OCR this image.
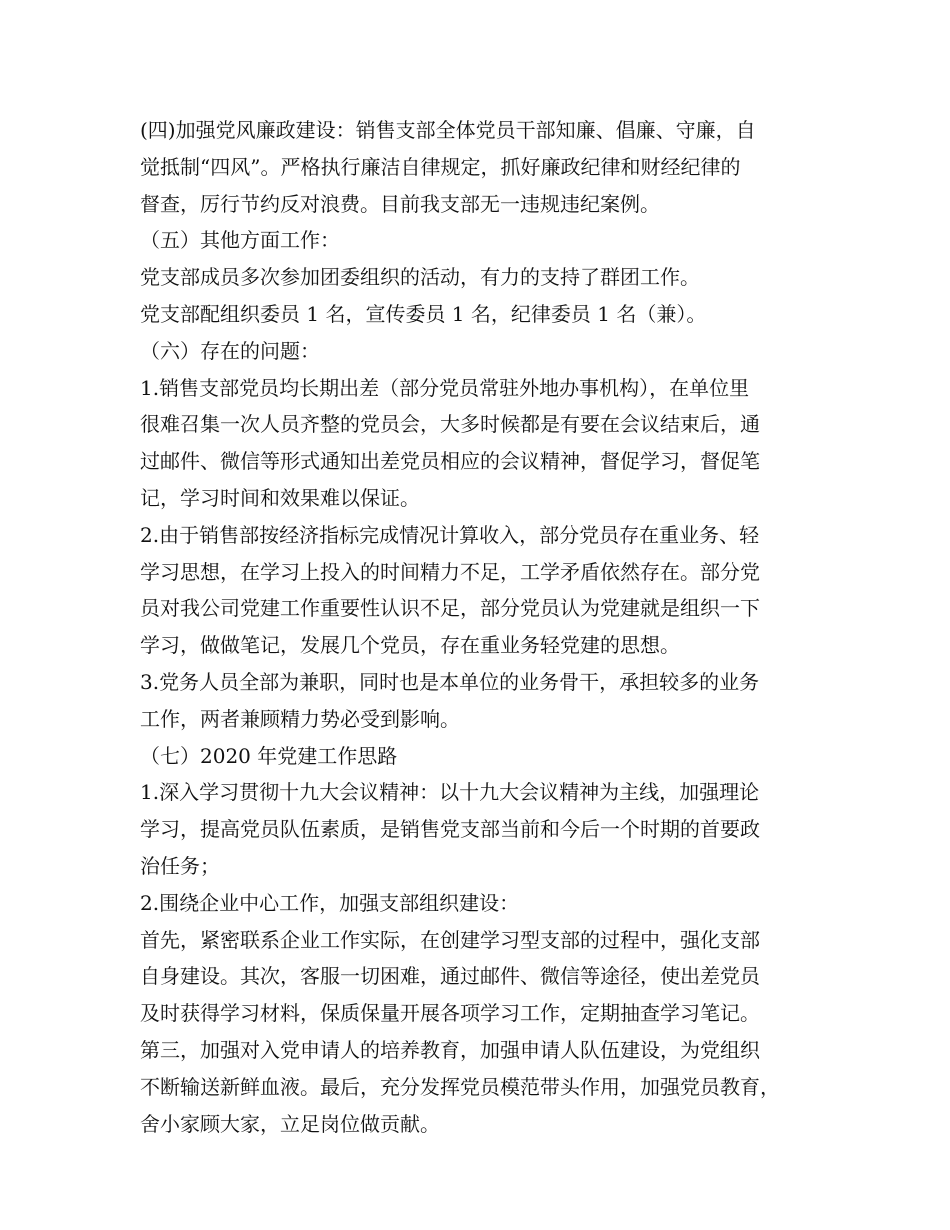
(四)加强党风廉政建设：销售支部全体党员干部知廉、倡廉、守廉，自
觉抵制“四风”。严格执行廉洁自律规定，抓好廉政纪律和财经纪律的
督查，厉行节约反对浪费。目前我支部无一违规违纪案例。
（五）其他方面工作：
党支部成员多次参加团委组织的活动，有力的支持了群团工作。
党支部配组织委员 1 名，宣传委员 1 名，纪律委员 1 名（兼）。
（六）存在的问题：
1.销售支部党员均长期出差（部分党员常驻外地办事机构），在单位里
很难召集一次人员齐整的党员会，大多时候都是有要在会议结束后，通
过邮件、微信等形式通知出差党员相应的会议精神，督促学习，督促笔
记，学习时间和效果难以保证。
2.由于销售部按经济指标完成情况计算收入，部分党员存在重业务、轻
学习思想，在学习上投入的时间精力不足，工学矛盾依然存在。部分党
员对我公司党建工作重要性认识不足，部分党员认为党建就是组织一下
学习，做做笔记，发展几个党员，存在重业务轻党建的思想。
3.党务人员全部为兼职，同时也是本单位的业务骨干，承担较多的业务
工作，两者兼顾精力势必受到影响。
（七）2020 年党建工作思路
1.深入学习贯彻十九大会议精神：以十九大会议精神为主线，加强理论
学习，提高党员队伍素质，是销售党支部当前和今后一个时期的首要政
治任务；
2.围绕企业中心工作，加强支部组织建设：
首先，紧密联系企业工作实际，在创建学习型支部的过程中，强化支部
自身建设。其次，客服一切困难，通过邮件、微信等途径，使出差党员
及时获得学习材料，保质保量开展各项学习工作，定期抽查学习笔记。
第三，加强对入党申请人的培养教育，加强申请人队伍建设，为党组织
不断输送新鲜血液。最后，充分发挥党员模范带头作用，加强党员教育，
舍小家顾大家，立足岗位做贡献。
